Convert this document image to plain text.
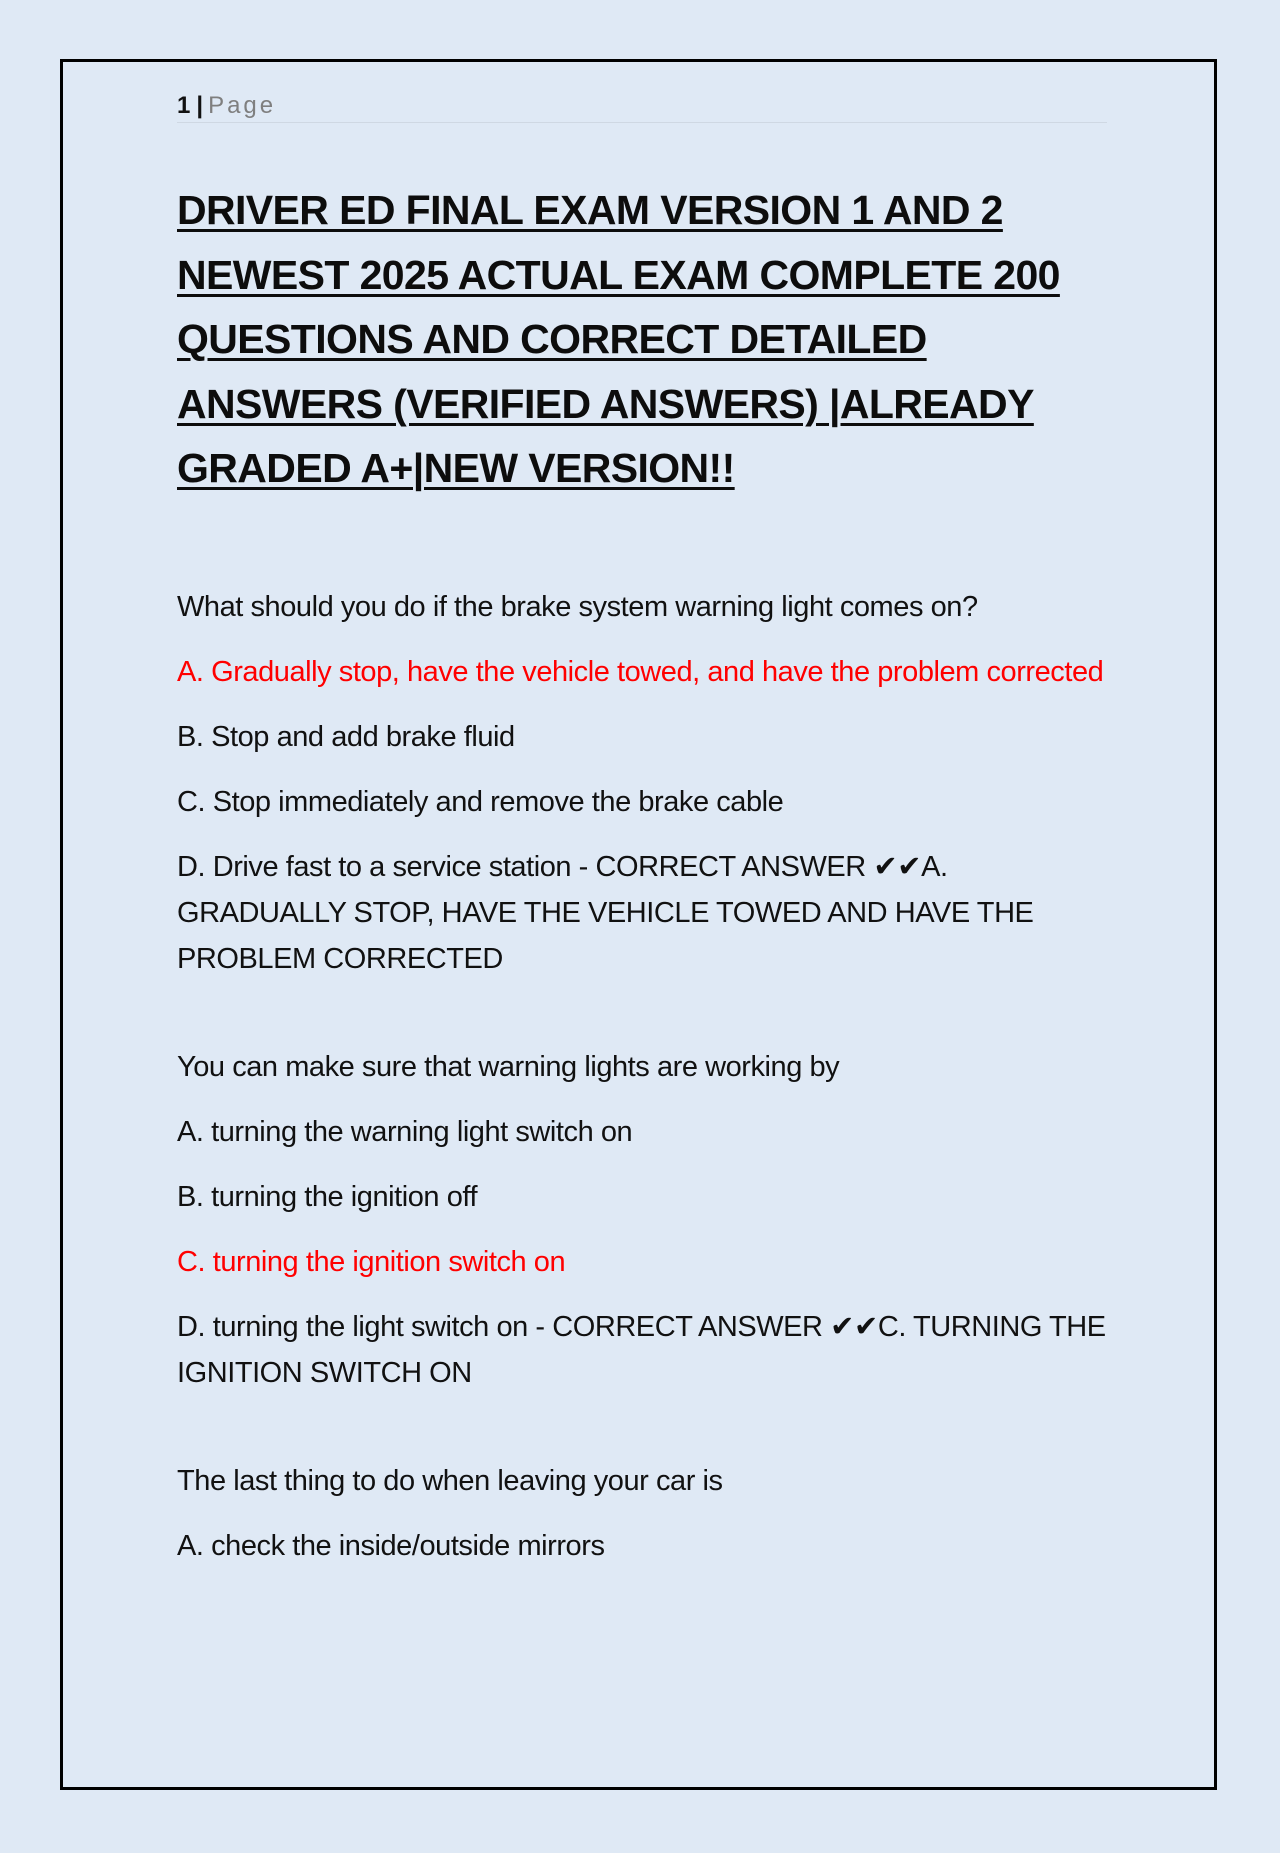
1 | Page
DRIVER ED FINAL EXAM VERSION 1 AND 2 NEWEST 2025 ACTUAL EXAM COMPLETE 200 QUESTIONS AND CORRECT DETAILED ANSWERS (VERIFIED ANSWERS) |ALREADY GRADED A+|NEW VERSION!!

What should you do if the brake system warning light comes on?

A. Gradually stop, have the vehicle towed, and have the problem corrected

B. Stop and add brake fluid

C. Stop immediately and remove the brake cable

D. Drive fast to a service station - CORRECT ANSWER ✔✔A. GRADUALLY STOP, HAVE THE VEHICLE TOWED AND HAVE THE PROBLEM CORRECTED

You can make sure that warning lights are working by

A. turning the warning light switch on

B. turning the ignition off

C. turning the ignition switch on

D. turning the light switch on - CORRECT ANSWER ✔✔C. TURNING THE IGNITION SWITCH ON

The last thing to do when leaving your car is

A. check the inside/outside mirrors
